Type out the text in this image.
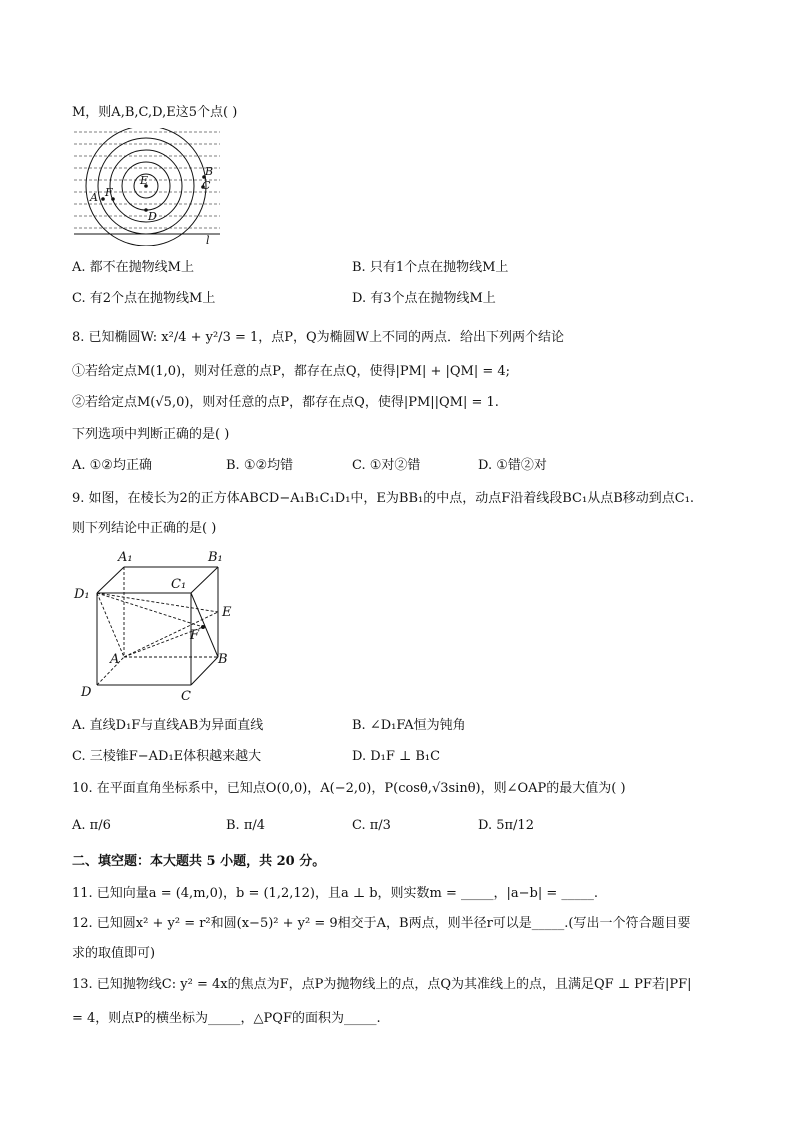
M，则A,B,C,D,E这5个点( )
E
B
C
A F
D
l
A. 都不在抛物线M上	B. 只有1个点在抛物线M上
C. 有2个点在抛物线M上	D. 有3个点在抛物线M上
8. 已知椭圆W: x²/4 + y²/3 = 1，点P，Q为椭圆W上不同的两点．给出下列两个结论
①若给定点M(1,0)，则对任意的点P，都存在点Q，使得|PM| + |QM| = 4;
②若给定点M(√5,0)，则对任意的点P，都存在点Q，使得|PM||QM| = 1.
下列选项中判断正确的是( )
A. ①②均正确	B. ①②均错	C. ①对②错	D. ①错②对
9. 如图，在棱长为2的正方体ABCD−A₁B₁C₁D₁中，E为BB₁的中点，动点F沿着线段BC₁从点B移动到点C₁.
则下列结论中正确的是( )
A₁	B₁
C₁
D₁
E
F
A	B
C
D
A. 直线D₁F与直线AB为异面直线	B. ∠D₁FA恒为钝角
C. 三棱锥F−AD₁E体积越来越大	D. D₁F ⊥ B₁C
10. 在平面直角坐标系中，已知点O(0,0)，A(−2,0)，P(cosθ,√3sinθ)，则∠OAP的最大值为( )
A. π/6	B. π/4	C. π/3	D. 5π/12
二、填空题：本大题共 5 小题，共 20 分。
11. 已知向量a = (4,m,0)，b = (1,2,12)，且a ⊥ b，则实数m = _____，|a−b| = _____.
12. 已知圆x² + y² = r²和圆(x−5)² + y² = 9相交于A，B两点，则半径r可以是_____.(写出一个符合题目要
求的取值即可)
13. 已知抛物线C: y² = 4x的焦点为F，点P为抛物线上的点，点Q为其准线上的点，且满足QF ⊥ PF若|PF|
= 4，则点P的横坐标为_____，△PQF的面积为_____.
